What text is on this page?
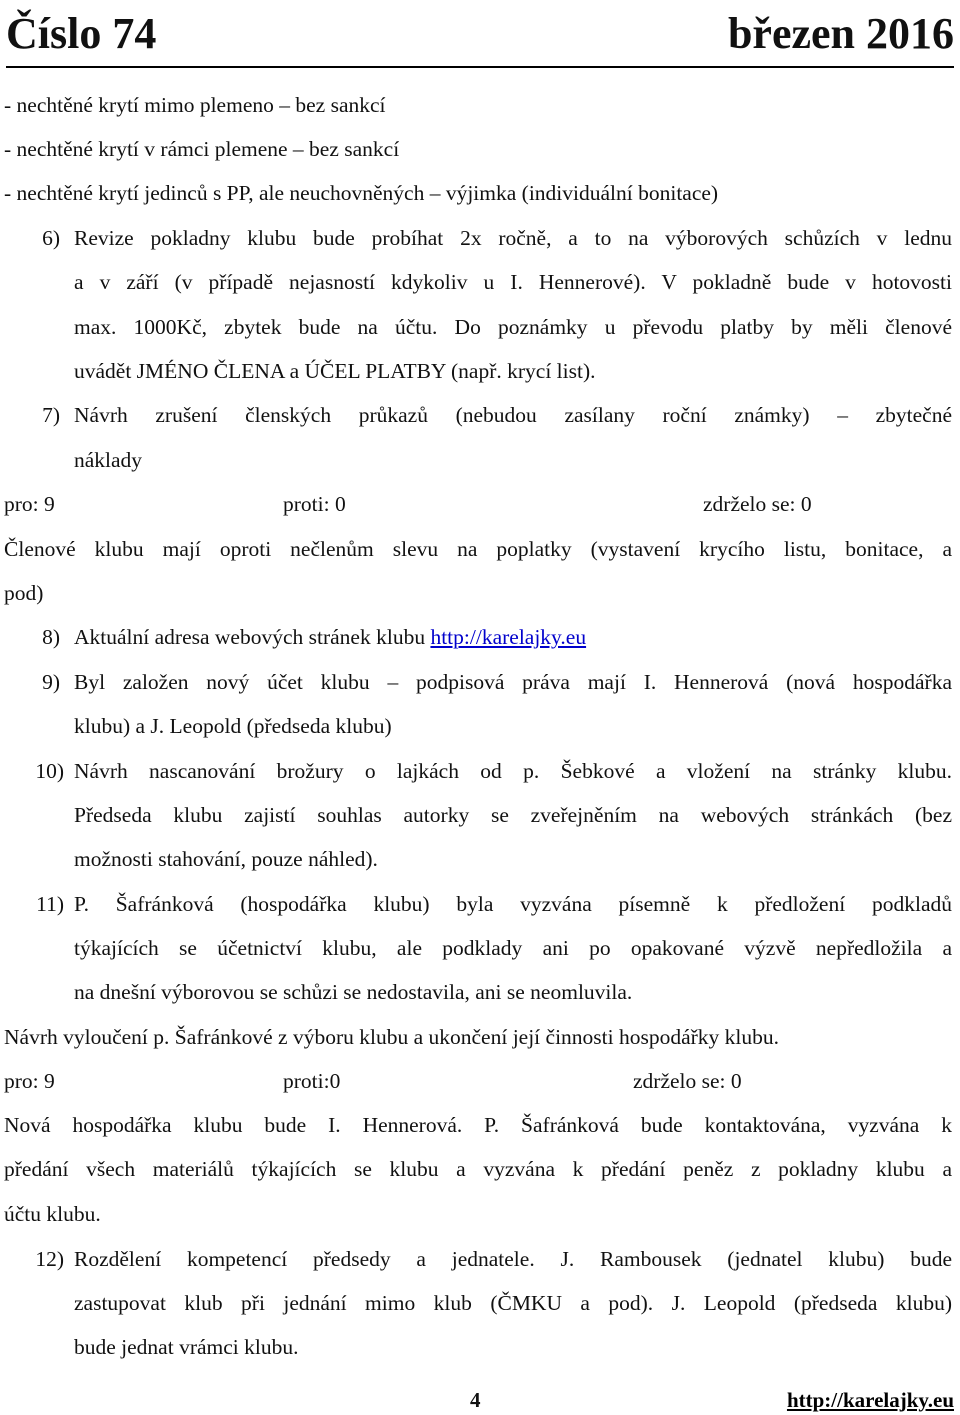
Číslo 74	březen 2016
- nechtěné krytí mimo plemeno – bez sankcí
- nechtěné krytí v rámci plemene – bez sankcí
- nechtěné krytí jedinců s PP, ale neuchovněných – výjimka (individuální bonitace)
6) Revize pokladny klubu bude probíhat 2x ročně, a to na výborových schůzích v lednu
a v září (v případě nejasností kdykoliv u I. Hennerové). V pokladně bude v hotovosti
max. 1000Kč, zbytek bude na účtu. Do poznámky u převodu platby by měli členové
uvádět JMÉNO ČLENA a ÚČEL PLATBY (např. krycí list).
7) Návrh zrušení členských průkazů (nebudou zasílany roční známky) – zbytečné
náklady
pro: 9	proti: 0	zdrželo se: 0
Členové klubu mají oproti nečlenům slevu na poplatky (vystavení krycího listu, bonitace, a
pod)
8) Aktuální adresa webových stránek klubu http://karelajky.eu
9) Byl založen nový účet klubu – podpisová práva mají I. Hennerová (nová hospodářka
klubu) a J. Leopold (předseda klubu)
10) Návrh nascanování brožury o lajkách od p. Šebkové a vložení na stránky klubu.
Předseda klubu zajistí souhlas autorky se zveřejněním na webových stránkách (bez
možnosti stahování, pouze náhled).
11) P. Šafránková (hospodářka klubu) byla vyzvána písemně k předložení podkladů
týkajících se účetnictví klubu, ale podklady ani po opakované výzvě nepředložila a
na dnešní výborovou se schůzi se nedostavila, ani se neomluvila.
Návrh vyloučení p. Šafránkové z výboru klubu a ukončení její činnosti hospodářky klubu.
pro: 9	proti:0	zdrželo se: 0
Nová hospodářka klubu bude I. Hennerová. P. Šafránková bude kontaktována, vyzvána k
předání všech materiálů týkajících se klubu a vyzvána k předání peněz z pokladny klubu a
účtu klubu.
12) Rozdělení kompetencí předsedy a jednatele. J. Rambousek (jednatel klubu) bude
zastupovat klub při jednání mimo klub (ČMKU a pod). J. Leopold (předseda klubu)
bude jednat vrámci klubu.
4	http://karelajky.eu
